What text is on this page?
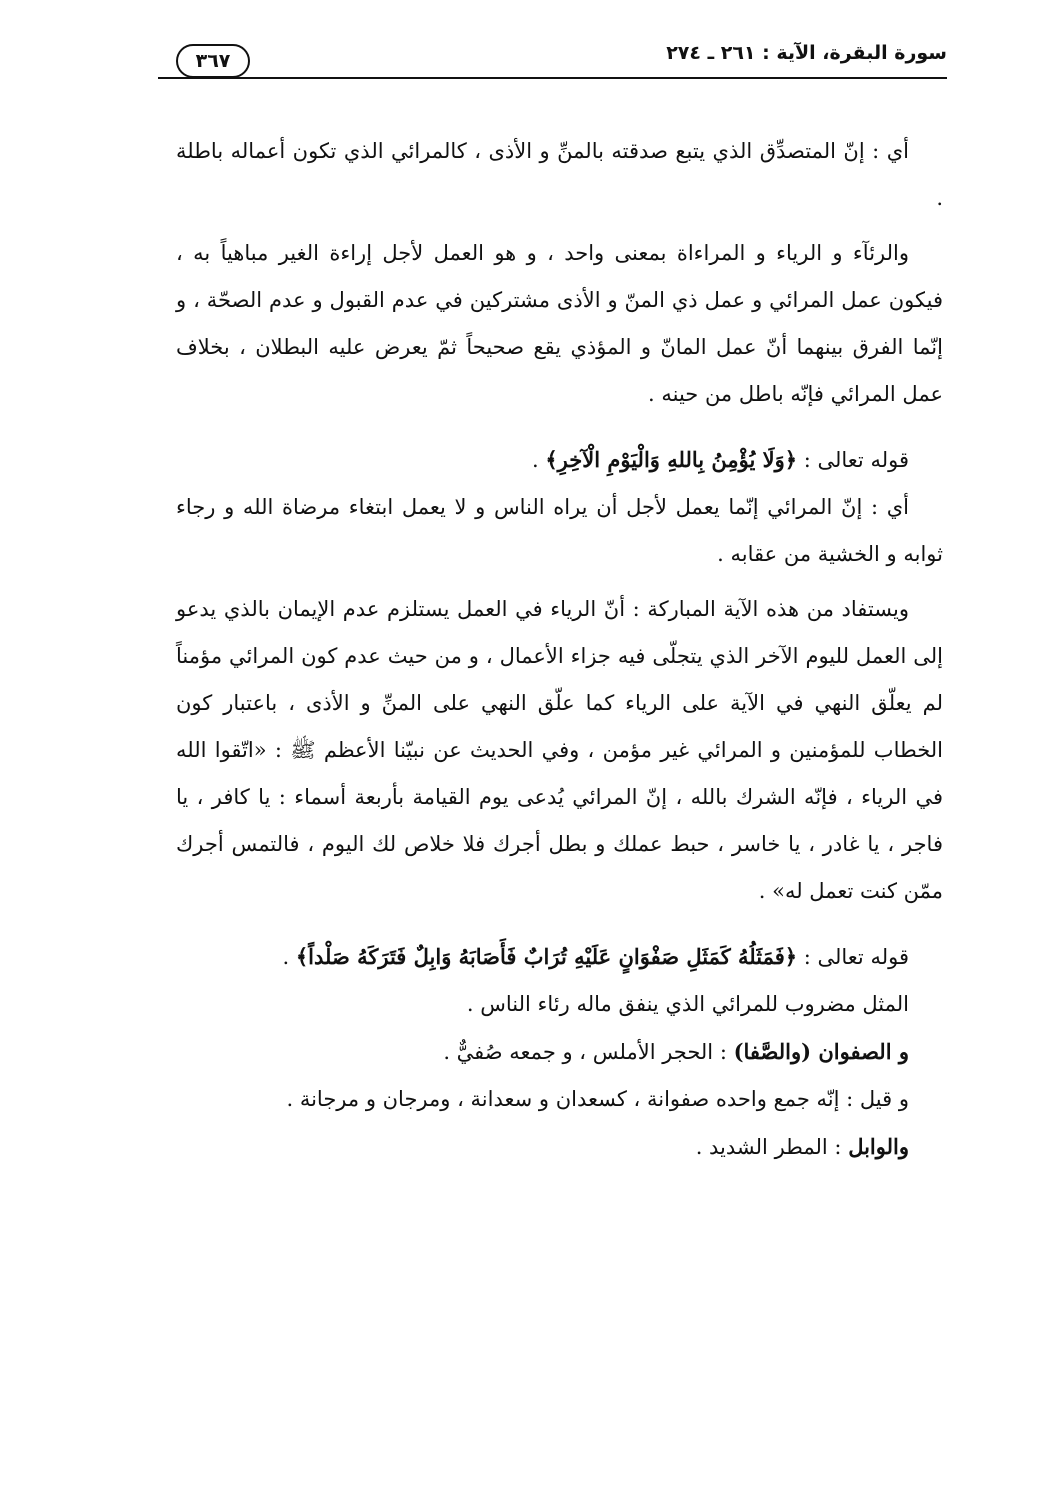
سورة البقرة، الآية : ٢٦١ ـ ٢٧٤
٣٦٧

أي : إنّ المتصدِّق الذي يتبع صدقته بالمنِّ و الأذى ، كالمرائي الذي تكون أعماله باطلة .

والرئآء و الرياء و المراءاة بمعنى واحد ، و هو العمل لأجل إراءة الغير مباهياً به ، فيكون عمل المرائي و عمل ذي المنّ و الأذى مشتركين في عدم القبول و عدم الصحّة ، و إنّما الفرق بينهما أنّ عمل المانّ و المؤذي يقع صحيحاً ثمّ يعرض عليه البطلان ، بخلاف عمل المرائي فإنّه باطل من حينه .

قوله تعالى : ﴿وَلَا يُؤْمِنُ بِاللهِ وَالْيَوْمِ الْآخِرِ﴾ .

أي : إنّ المرائي إنّما يعمل لأجل أن يراه الناس و لا يعمل ابتغاء مرضاة الله و رجاء ثوابه و الخشية من عقابه .

ويستفاد من هذه الآية المباركة : أنّ الرياء في العمل يستلزم عدم الإيمان بالذي يدعو إلى العمل لليوم الآخر الذي يتجلّى فيه جزاء الأعمال ، و من حيث عدم كون المرائي مؤمناً لم يعلّق النهي في الآية على الرياء كما علّق النهي على المنِّ و الأذى ، باعتبار كون الخطاب للمؤمنين و المرائي غير مؤمن ، وفي الحديث عن نبيّنا الأعظم ﷺ : «اتّقوا الله في الرياء ، فإنّه الشرك بالله ، إنّ المرائي يُدعى يوم القيامة بأربعة أسماء : يا كافر ، يا فاجر ، يا غادر ، يا خاسر ، حبط عملك و بطل أجرك فلا خلاص لك اليوم ، فالتمس أجرك ممّن كنت تعمل له» .

قوله تعالى : ﴿فَمَثَلُهُ كَمَثَلِ صَفْوَانٍ عَلَيْهِ تُرَابٌ فَأَصَابَهُ وَابِلٌ فَتَرَكَهُ صَلْداً﴾ .

المثل مضروب للمرائي الذي ينفق ماله رئاء الناس .

و الصفوان (والصَّفا) : الحجر الأملس ، و جمعه صُفيٌّ .

و قيل : إنّه جمع واحده صفوانة ، كسعدان و سعدانة ، ومرجان و مرجانة .

والوابل : المطر الشديد .
